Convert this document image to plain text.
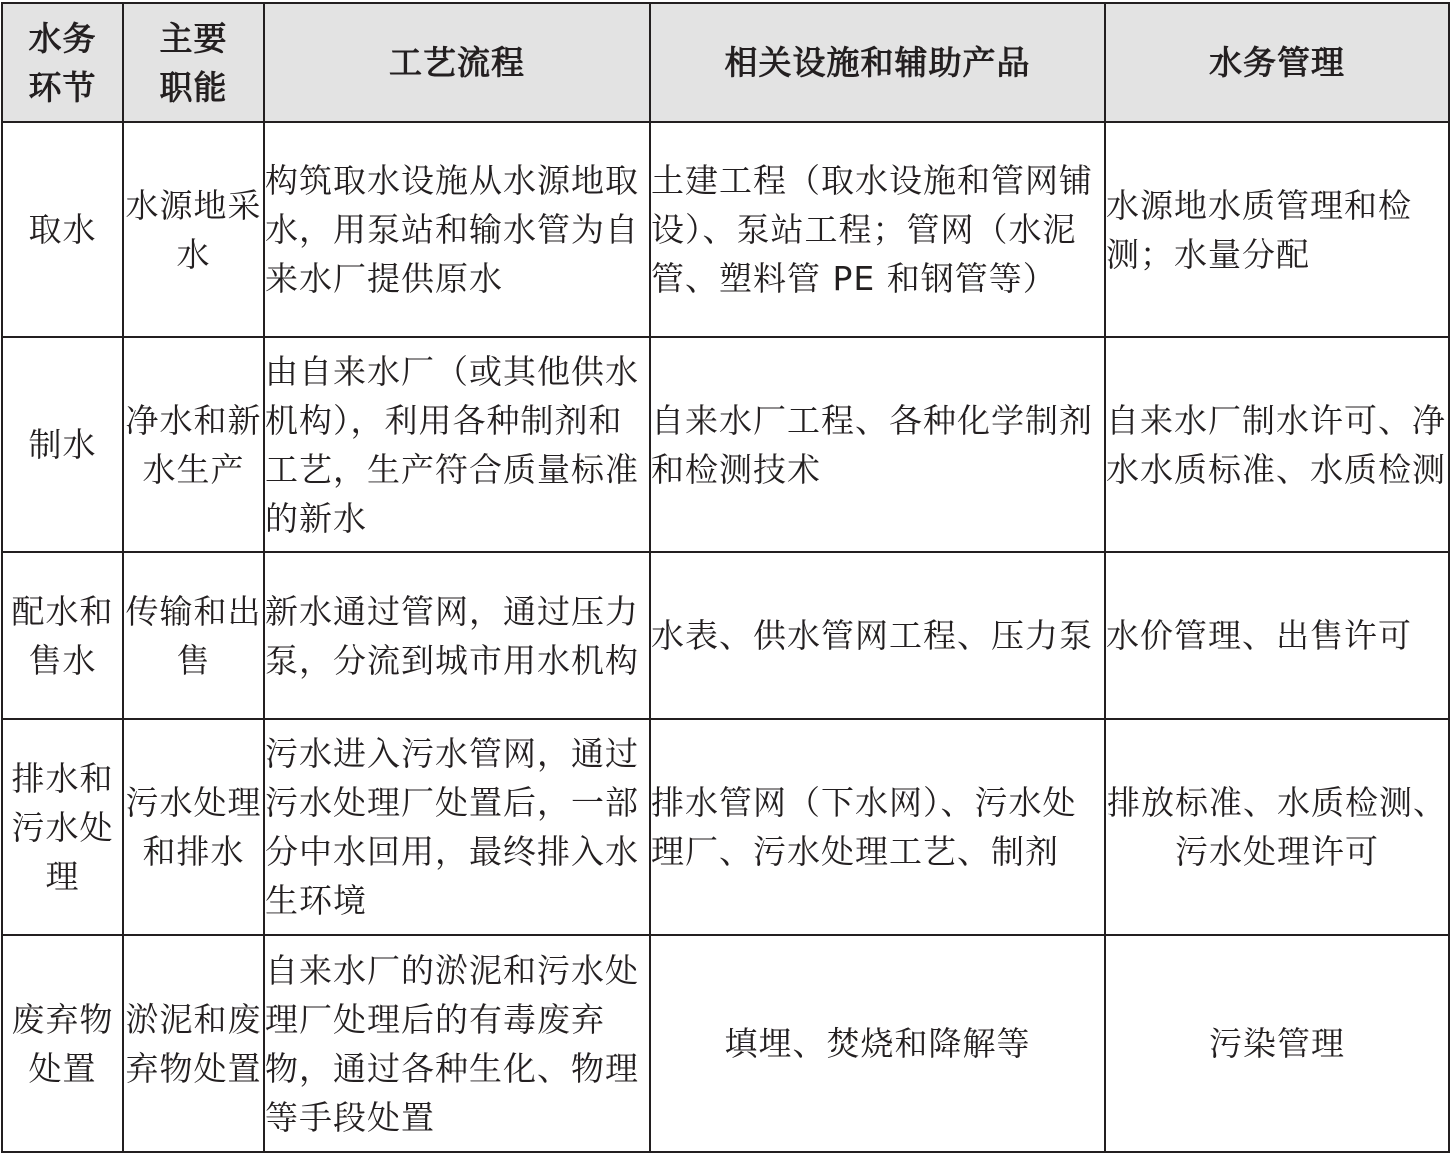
水务环节	主要职能	工艺流程	相关设施和辅助产品	水务管理

取水	水源地采水	构筑取水设施从水源地取水，用泵站和输水管为自来水厂提供原水	土建工程（取水设施和管网铺设）、泵站工程；管网（水泥管、塑料管 PE 和钢管等）	水源地水质管理和检测；水量分配

制水	净水和新水生产	由自来水厂（或其他供水机构），利用各种制剂和工艺，生产符合质量标准的新水	自来水厂工程、各种化学制剂和检测技术	自来水厂制水许可、净水水质标准、水质检测

配水和售水	传输和出售	新水通过管网，通过压力泵，分流到城市用水机构	水表、供水管网工程、压力泵	水价管理、出售许可

排水和污水处理	污水处理和排水	污水进入污水管网，通过污水处理厂处置后，一部分中水回用，最终排入水生环境	排水管网（下水网）、污水处理厂、污水处理工艺、制剂	排放标准、水质检测、污水处理许可

废弃物处置	淤泥和废弃物处置	自来水厂的淤泥和污水处理厂处理后的有毒废弃物，通过各种生化、物理等手段处置	填埋、焚烧和降解等	污染管理
